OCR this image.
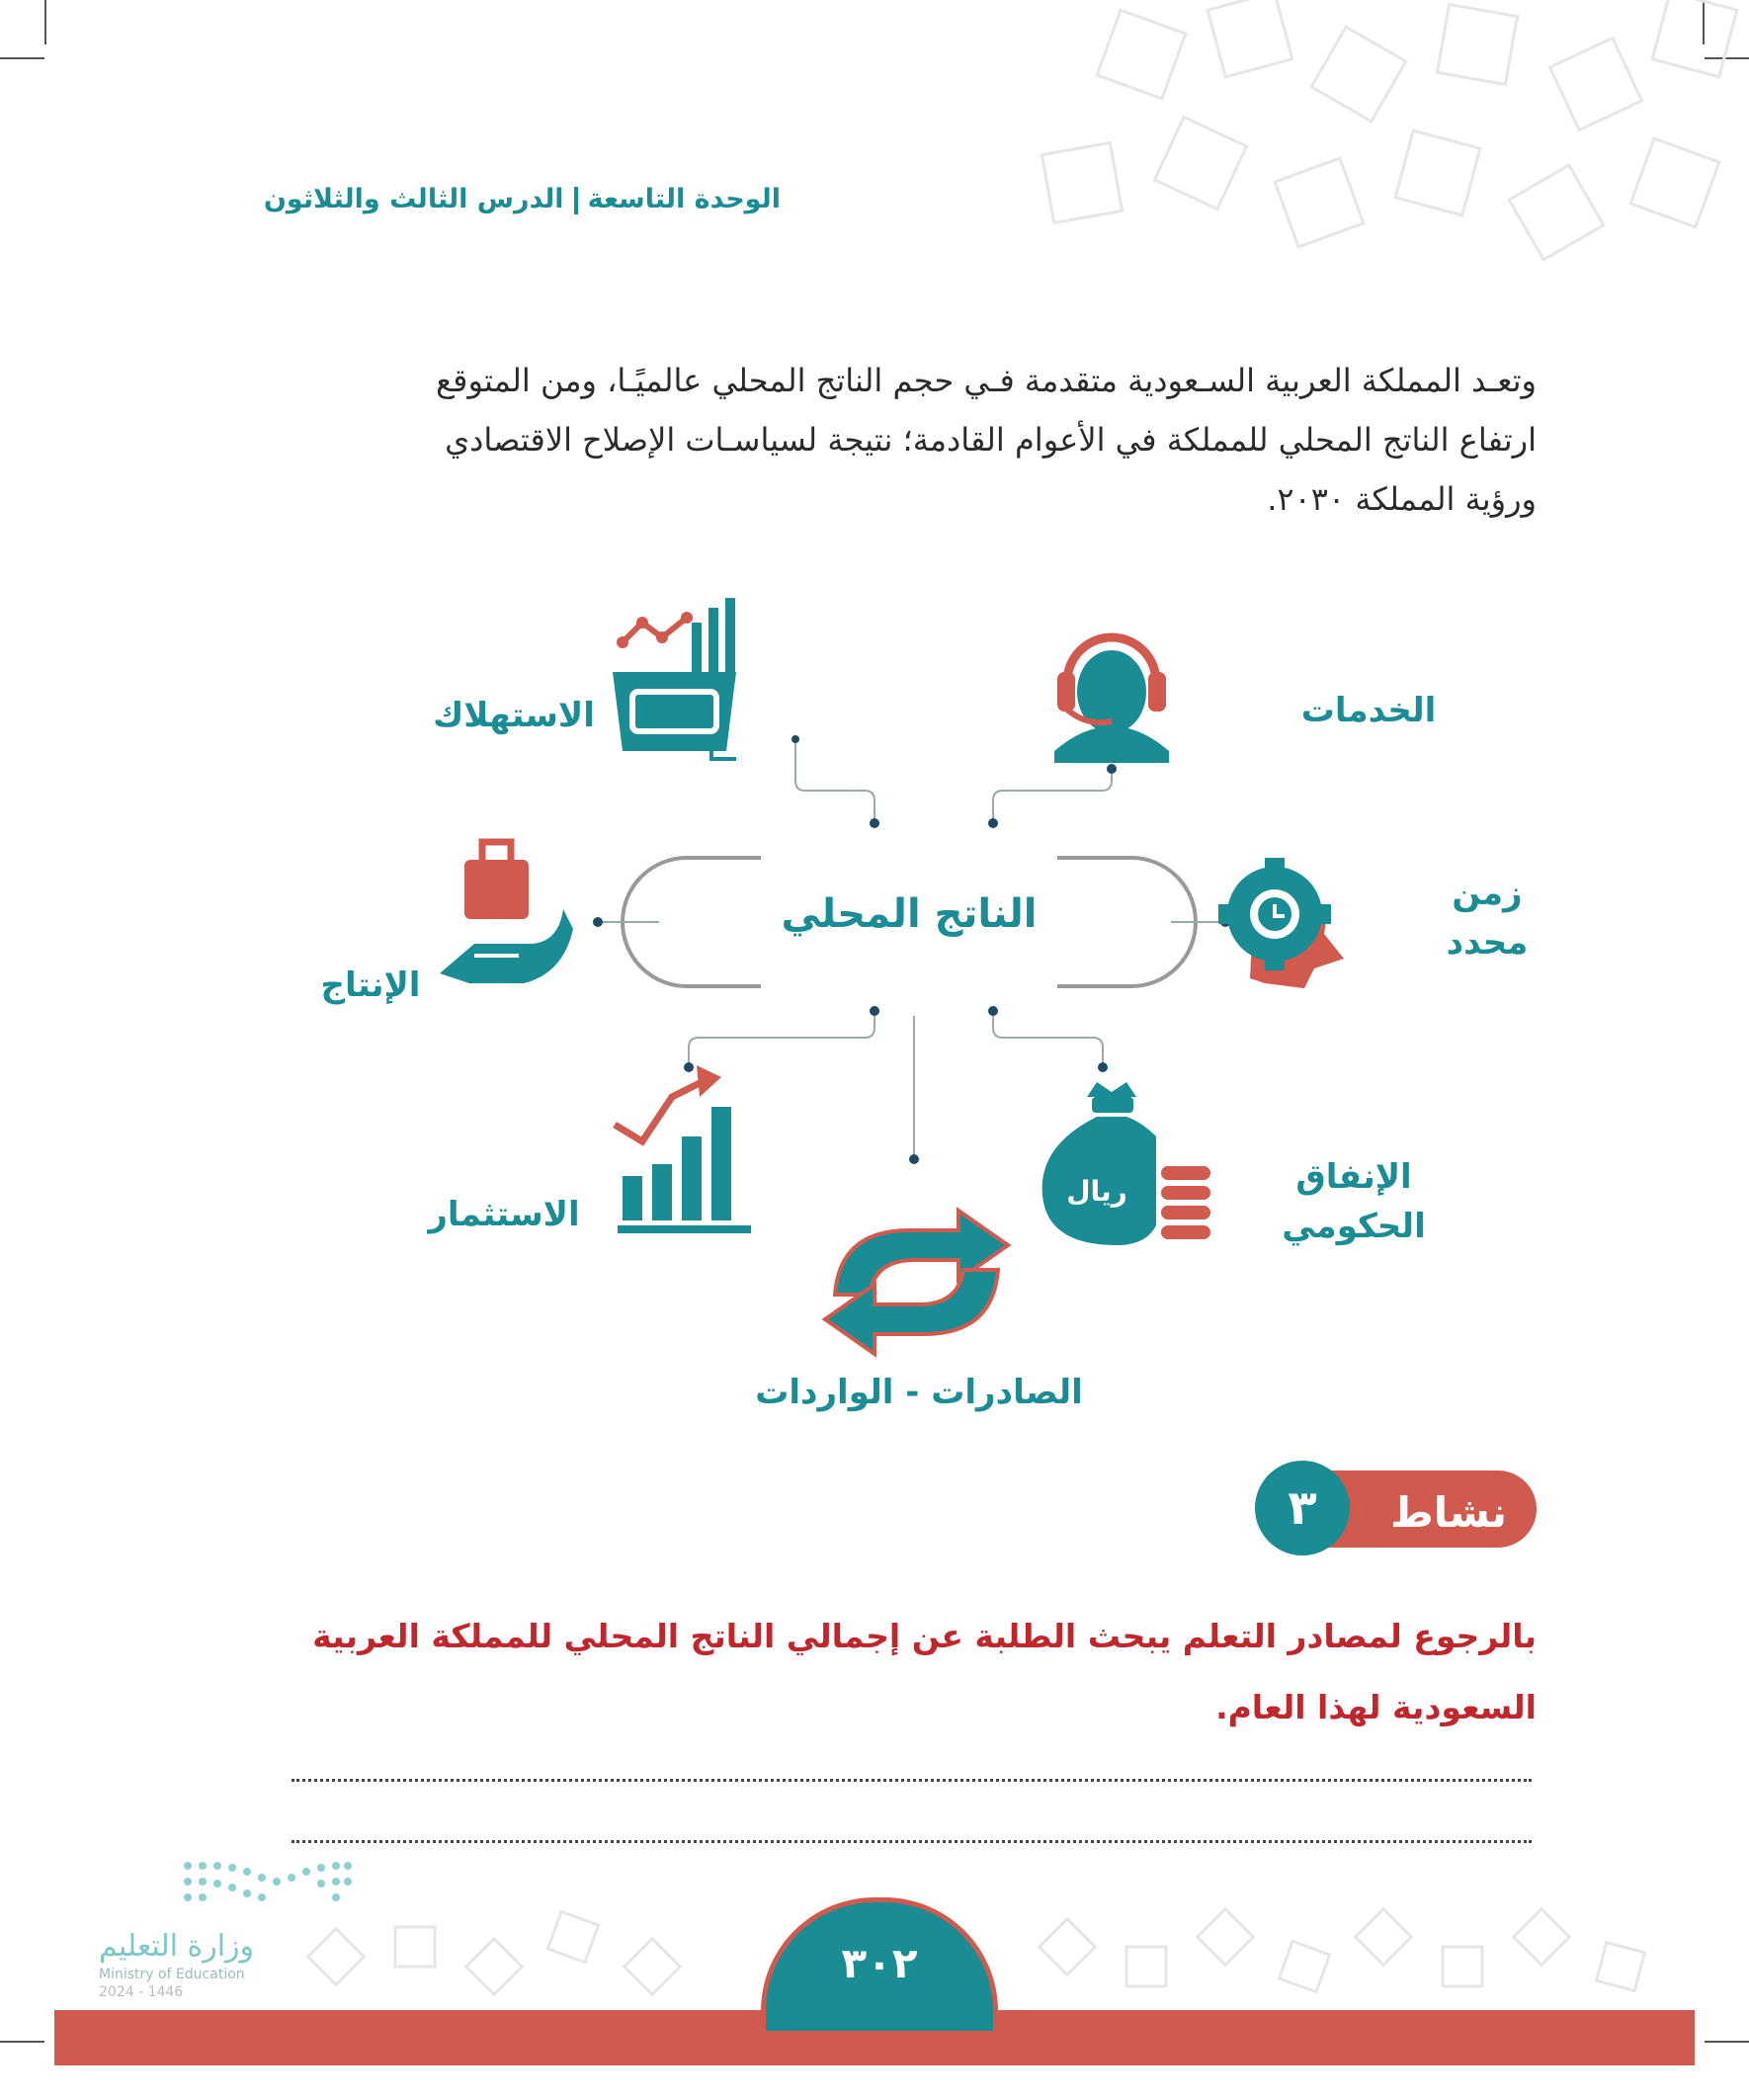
الوحدة التاسعةالدرس الثالث والثلاثون

وتعـد المملكة العربية السـعودية متقدمة فـي حجم الناتج المحلي عالميًـا، ومن المتوقع

ارتفاع الناتج المحلي للمملكة في الأعوام القادمة؛ نتيجة لسياسـات الإصلاح الاقتصادي

ورؤية المملكة ٢٠٣٠.

الناتج المحلي
الخدمات
الاستهلاك
الإنتاج
زمن
محدد
الاستثمار
ريال	الإنفاق
الحكومي
الصادرات - الواردات
نشاط
٣

بالرجوع لمصادر التعلم يبحث الطلبة عن إجمالي الناتج المحلي للمملكة العربية

السعودية لهذا العام.

وزارة التعليم
Ministry of Education
2024 - 1446
٣٠٢
